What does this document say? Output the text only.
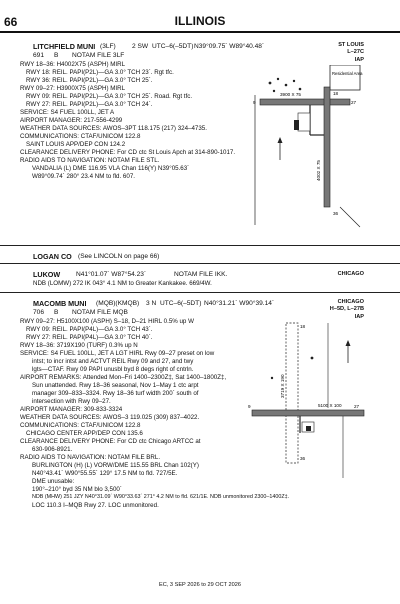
66	ILLINOIS
LITCHFIELD MUNI (3LF) 2 SW UTC–6(–5DT) N39°09.75´ W89°40.48´
691 B NOTAM FILE 3LF
ST LOUIS
L–27C
IAP
RWY 18–36: H4002X75 (ASPH) MIRL
RWY 18: REIL. PAPI(P2L)—GA 3.0° TCH 23´. Rgt tfc.
RWY 36: REIL. PAPI(P2L)—GA 3.0° TCH 25´.
RWY 09–27: H3900X75 (ASPH) MIRL
RWY 09: REIL. PAPI(P2L)—GA 3.0° TCH 25´. Road. Rgt tfc.
RWY 27: REIL. PAPI(P2L)—GA 3.0° TCH 24´.
SERVICE: S4 FUEL 100LL, JET A
AIRPORT MANAGER: 217-556-4299
WEATHER DATA SOURCES: AWOS–3PT 118.175 (217) 324–4735.
COMMUNICATIONS: CTAF/UNICOM 122.8
SAINT LOUIS APP/DEP CON 124.2
CLEARANCE DELIVERY PHONE: For CD ctc St Louis Apch at 314-890-1017.
RADIO AIDS TO NAVIGATION: NOTAM FILE STL.
VANDALIA (L) DME 116.95 VLA Chan 116(Y) N39°05.63´
W89°09.74´ 280° 23.4 NM to fld. 607.
Residential Area
3900 X 75
4002 X 75
9	27
18
36
LOGAN CO (See LINCOLN on page 66)
LUKOW N41°01.07´ W87°54.23´	NOTAM FILE IKK.	CHICAGO
NDB (LOMW) 272 IK 043° 4.1 NM to Greater Kankakee. 669/4W.
MACOMB MUNI (MQB)(KMQB) 3 N UTC–6(–5DT) N40°31.21´ W90°39.14´
706 B NOTAM FILE MQB
CHICAGO
H–5D, L–27B
IAP
RWY 09–27: H5100X100 (ASPH) S–18, D–21 HIRL 0.5% up W
RWY 09: REIL. PAPI(P4L)—GA 3.0° TCH 43´.
RWY 27: REIL. PAPI(P4L)—GA 3.0° TCH 40´.
RWY 18–36: 3719X190 (TURF) 0.3% up N
SERVICE: S4 FUEL 100LL, JET A LGT HIRL Rwy 09–27 preset on low
intst; to incr intst and ACTVT REIL Rwy 09 and 27, and twy
lgts—CTAF. Rwy 09 PAPI unusbl byd 8 degs right of cntrln.
AIRPORT REMARKS: Attended Mon–Fri 1400–2300Z‡, Sat 1400–1800Z‡,
Sun unattended. Rwy 18–36 seasonal, Nov 1–May 1 ctc arpt
manager 309–833–3324. Rwy 18–36 turf width 200´ south of
intersection with Rwy 09–27.
AIRPORT MANAGER: 309-833-3324
WEATHER DATA SOURCES: AWOS–3 119.025 (309) 837–4022.
COMMUNICATIONS: CTAF/UNICOM 122.8
CHICAGO CENTER APP/DEP CON 135.6
CLEARANCE DELIVERY PHONE: For CD ctc Chicago ARTCC at
630-906-8921.
RADIO AIDS TO NAVIGATION: NOTAM FILE BRL.
BURLINGTON (H) (L) VORW/DME 115.55 BRL Chan 102(Y)
N40°43.41´ W90°55.55´ 129° 17.5 NM to fld. 727/5E.
DME unusable:
190°–210° byd 35 NM blo 3,500´
NDB (MHW) 251 JZY N40°31.09´ W90°33.63´ 271° 4.2 NM to fld. 621/1E. NDB unmonitored 2300–1400Z‡.
LOC 110.3 I–MQB Rwy 27. LOC unmonitored.
5100 X 100
3719 X 190
9	27
18
36
EC, 3 SEP 2026 to 29 OCT 2026
